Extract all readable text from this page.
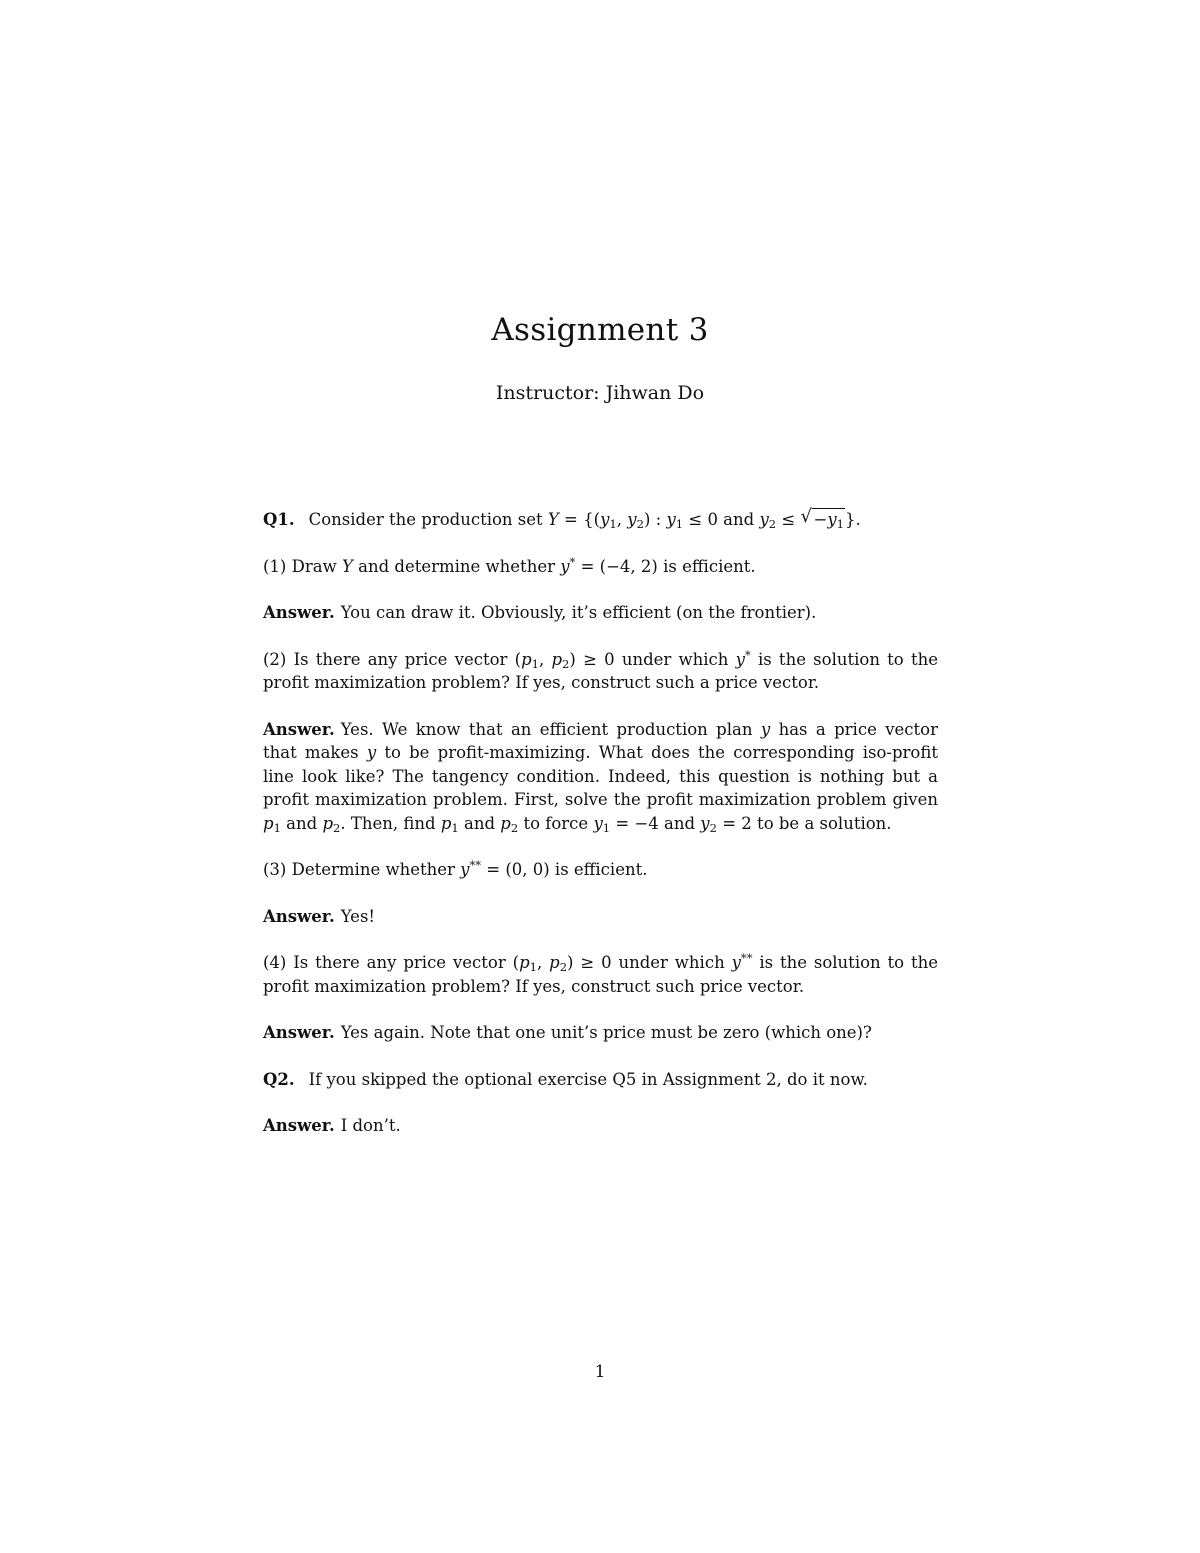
Assignment 3
Instructor: Jihwan Do

Q1. Consider the production set $Y = \{(y_1$, $y_2$) : $y_1 \le 0$ and $y_2$ ≤ √ $-y_1$}.

(1) Draw Y and determine whether y* = (−4, 2) is efficient.

Answer. You can draw it. Obviously, it’s efficient (on the frontier).

(2) Is there any price vector ($p_1$, $p_2) \ge 0$ under which y* is the solution to the profit maximization problem? If yes, construct such a price vector.

Answer. Yes. We know that an efficient production plan y has a price vector that makes y to be profit-maximizing. What does the corresponding iso-profit line look like? The tangency condition. Indeed, this question is nothing but a profit maximization problem. First, solve the profit maximization problem given $p_1$ and $p_2$. Then, find $p_1$ and $p_2$ to force $y_1 = -4$ and $y_2 = 2$ to be a solution.

(3) Determine whether y** = (0, 0) is efficient.

Answer. Yes!

(4) Is there any price vector ($p_1$, $p_2) \ge 0$ under which y** is the solution to the profit maximization problem? If yes, construct such price vector.

Answer. Yes again. Note that one unit’s price must be zero (which one)?

Q2. If you skipped the optional exercise Q5 in Assignment 2, do it now.

Answer. I don’t.

1
